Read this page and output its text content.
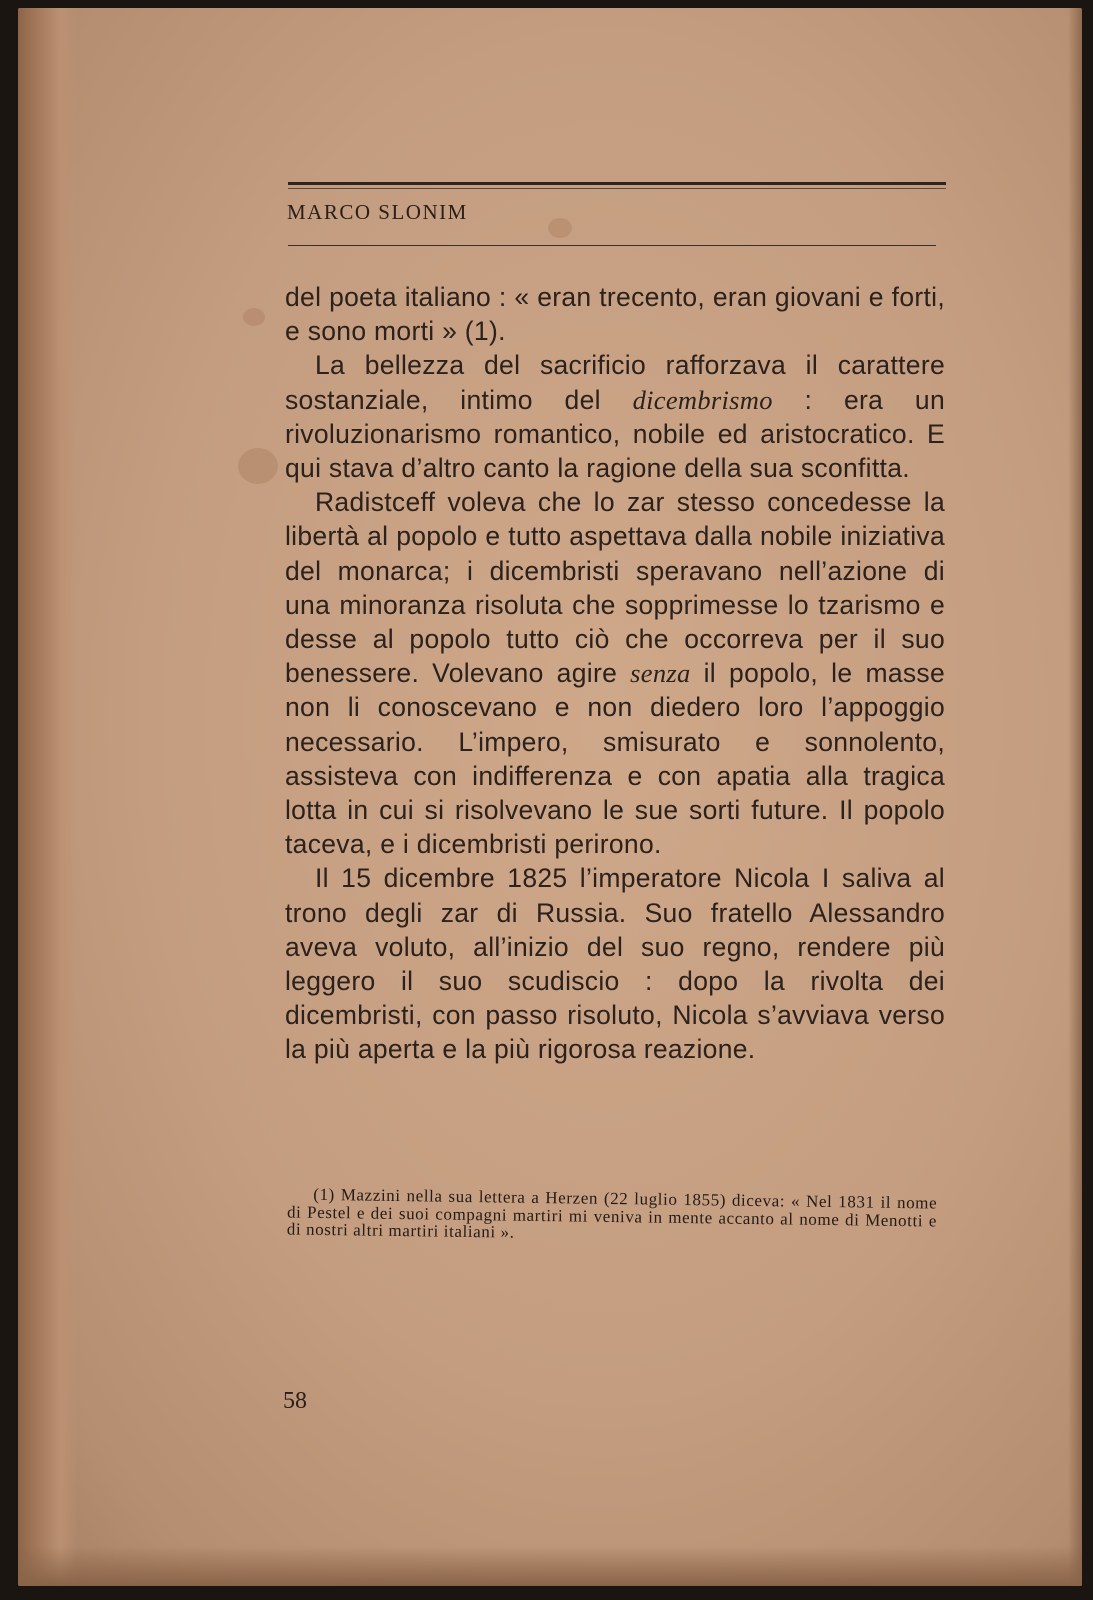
MARCO SLONIM

del poeta italiano : « eran trecento, eran giovani e forti, e sono morti » (1).

La bellezza del sacrificio rafforzava il carattere sostanziale, intimo del dicembrismo : era un rivoluzionarismo romantico, nobile ed aristocratico. E qui stava d’altro canto la ragione della sua sconfitta.

Radistceff voleva che lo zar stesso concedesse la libertà al popolo e tutto aspettava dalla nobile iniziativa del monarca; i dicembristi speravano nell’azione di una minoranza risoluta che sopprimesse lo tzarismo e desse al popolo tutto ciò che occorreva per il suo benessere. Volevano agire senza il popolo, le masse non li conoscevano e non diedero loro l’appoggio necessario. L’impero, smisurato e sonnolento, assisteva con indifferenza e con apatia alla tragica lotta in cui si risolvevano le sue sorti future. Il popolo taceva, e i dicembristi perirono.

Il 15 dicembre 1825 l’imperatore Nicola I saliva al trono degli zar di Russia. Suo fratello Alessandro aveva voluto, all’inizio del suo regno, rendere più leggero il suo scudiscio : dopo la rivolta dei dicembristi, con passo risoluto, Nicola s’avviava verso la più aperta e la più rigorosa reazione.

(1) Mazzini nella sua lettera a Herzen (22 luglio 1855) diceva: « Nel 1831 il nome di Pestel e dei suoi compagni martiri mi veniva in mente accanto al nome di Menotti e di nostri altri martiri italiani ».

58
